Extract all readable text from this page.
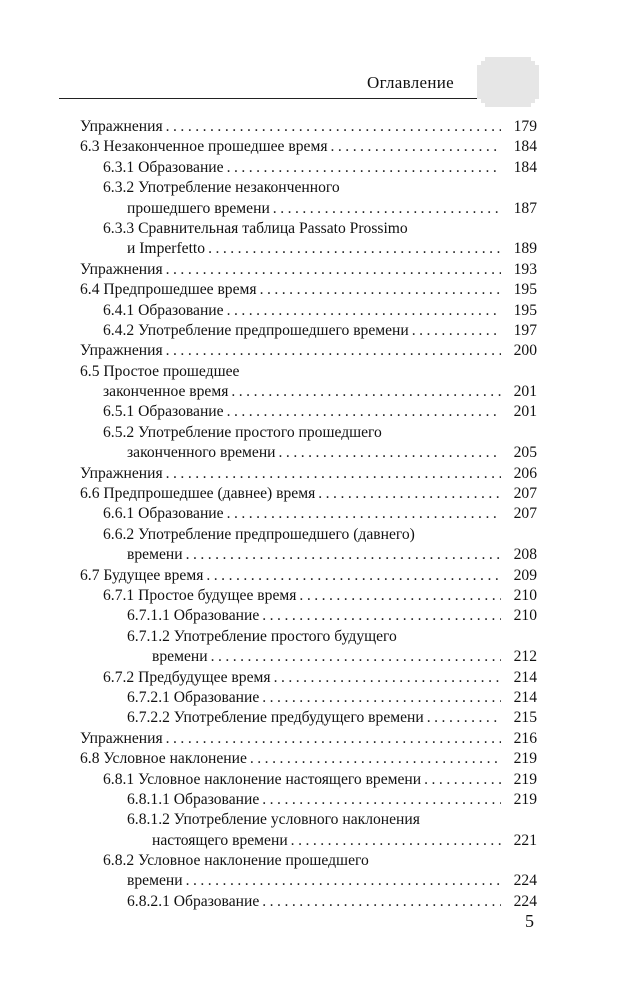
Оглавление
Упражнения . . .	179
6.3 Незаконченное прошедшее время . . .	184
6.3.1 Образование . . .	184
6.3.2 Употребление незаконченного
прошедшего времени . . .	187
6.3.3 Сравнительная таблица Passato Prossimo
и Imperfetto . . .	189
Упражнения . . .	193
6.4 Предпрошедшее время . . .	195
6.4.1 Образование . . .	195
6.4.2 Употребление предпрошедшего времени . . .	197
Упражнения . . .	200
6.5 Простое прошедшее
законченное время . . .	201
6.5.1 Образование . . .	201
6.5.2 Употребление простого прошедшего
законченного времени . . .	205
Упражнения . . .	206
6.6 Предпрошедшее (давнее) время . . .	207
6.6.1 Образование . . .	207
6.6.2 Употребление предпрошедшего (давнего)
времени . . .	208
6.7 Будущее время . . .	209
6.7.1 Простое будущее время . . .	210
6.7.1.1 Образование . . .	210
6.7.1.2 Употребление простого будущего
времени . . .	212
6.7.2 Предбудущее время . . .	214
6.7.2.1 Образование . . .	214
6.7.2.2 Употребление предбудущего времени . . .	215
Упражнения . . .	216
6.8 Условное наклонение . . .	219
6.8.1 Условное наклонение настоящего времени . . .	219
6.8.1.1 Образование . . .	219
6.8.1.2 Употребление условного наклонения
настоящего времени . . .	221
6.8.2 Условное наклонение прошедшего
времени . . .	224
6.8.2.1 Образование . . .	224
5
